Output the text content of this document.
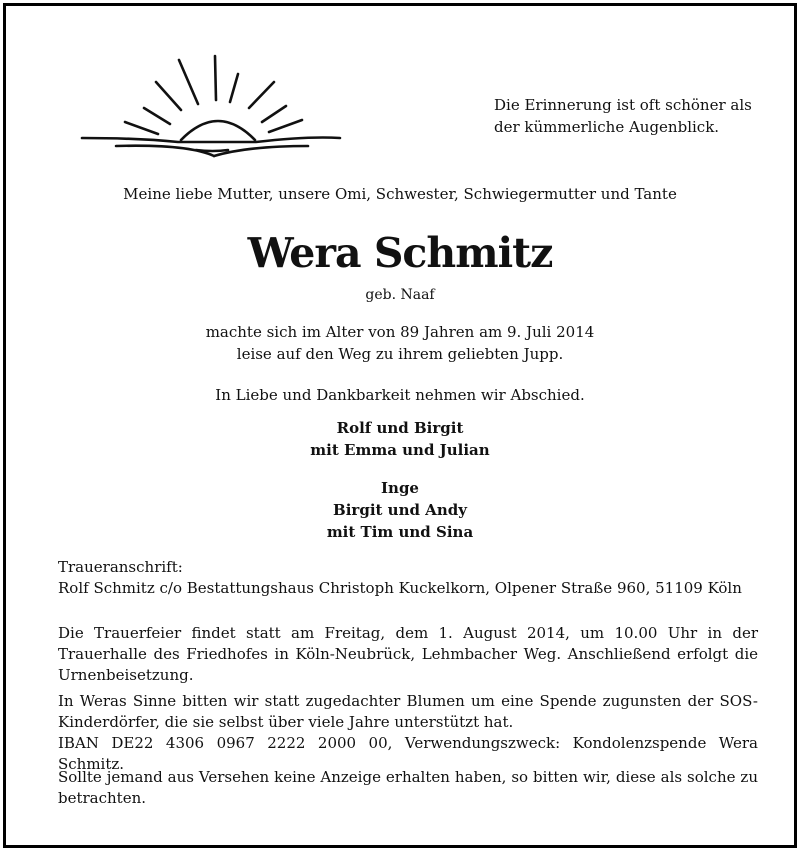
Die Erinnerung ist oft schöner als
der kümmerliche Augenblick.
Meine liebe Mutter, unsere Omi, Schwester, Schwiegermutter und Tante
Wera Schmitz
geb. Naaf
machte sich im Alter von 89 Jahren am 9. Juli 2014
leise auf den Weg zu ihrem geliebten Jupp.
In Liebe und Dankbarkeit nehmen wir Abschied.
Rolf und Birgit
mit Emma und Julian
Inge
Birgit und Andy
mit Tim und Sina
Traueranschrift:
Rolf Schmitz c/o Bestattungshaus Christoph Kuckelkorn, Olpener Straße 960, 51109 Köln
Die Trauerfeier findet statt am Freitag, dem 1. August 2014, um 10.00 Uhr in der Trauerhalle des Friedhofes in Köln-Neubrück, Lehmbacher Weg. Anschließend erfolgt die Urnenbeisetzung.
In Weras Sinne bitten wir statt zugedachter Blumen um eine Spende zugunsten der SOS-Kinderdörfer, die sie selbst über viele Jahre unterstützt hat.
IBAN DE22 4306 0967 2222 2000 00, Verwendungszweck: Kondolenzspende Wera Schmitz.
Sollte jemand aus Versehen keine Anzeige erhalten haben, so bitten wir, diese als solche zu betrachten.
